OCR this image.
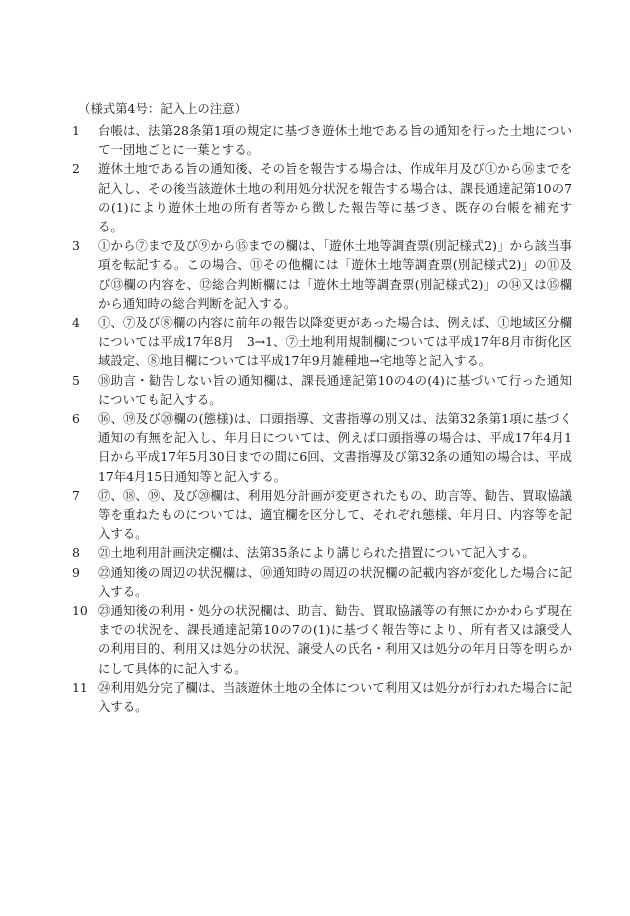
（様式第4号：記入上の注意）
1	台帳は、法第28条第1項の規定に基づき遊休土地である旨の通知を行った土地について一団地ごとに一葉とする。
2	遊休土地である旨の通知後、その旨を報告する場合は、作成年月及び①から⑯までを記入し、その後当該遊休土地の利用処分状況を報告する場合は、課長通達記第10の7の(1)により遊休土地の所有者等から徴した報告等に基づき、既存の台帳を補充する。
3	①から⑦まで及び⑨から⑮までの欄は、「遊休土地等調査票(別記様式2)」から該当事項を転記する。この場合、⑪その他欄には「遊休土地等調査票(別記様式2)」の⑪及び⑬欄の内容を、⑫総合判断欄には「遊休土地等調査票(別記様式2)」の⑭又は⑮欄から通知時の総合判断を記入する。
4	①、⑦及び⑧欄の内容に前年の報告以降変更があった場合は、例えば、①地域区分欄については平成17年8月　3→1、⑦土地利用規制欄については平成17年8月市街化区域設定、⑧地目欄については平成17年9月雑種地→宅地等と記入する。
5	⑱助言・勧告しない旨の通知欄は、課長通達記第10の4の(4)に基づいて行った通知についても記入する。
6	⑯、⑲及び⑳欄の(態様)は、口頭指導、文書指導の別又は、法第32条第1項に基づく通知の有無を記入し、年月日については、例えば口頭指導の場合は、平成17年4月1日から平成17年5月30日までの間に6回、文書指導及び第32条の通知の場合は、平成17年4月15日通知等と記入する。
7	⑰、⑱、⑲、及び⑳欄は、利用処分計画が変更されたもの、助言等、勧告、買取協議等を重ねたものについては、適宜欄を区分して、それぞれ態様、年月日、内容等を記入する。
8	㉑土地利用計画決定欄は、法第35条により講じられた措置について記入する。
9	㉒通知後の周辺の状況欄は、⑩通知時の周辺の状況欄の記載内容が変化した場合に記入する。
10 ㉓通知後の利用・処分の状況欄は、助言、勧告、買取協議等の有無にかかわらず現在までの状況を、課長通達記第10の7の(1)に基づく報告等により、所有者又は譲受人の利用目的、利用又は処分の状況、譲受人の氏名・利用又は処分の年月日等を明らかにして具体的に記入する。
11 ㉔利用処分完了欄は、当該遊休土地の全体について利用又は処分が行われた場合に記入する。
